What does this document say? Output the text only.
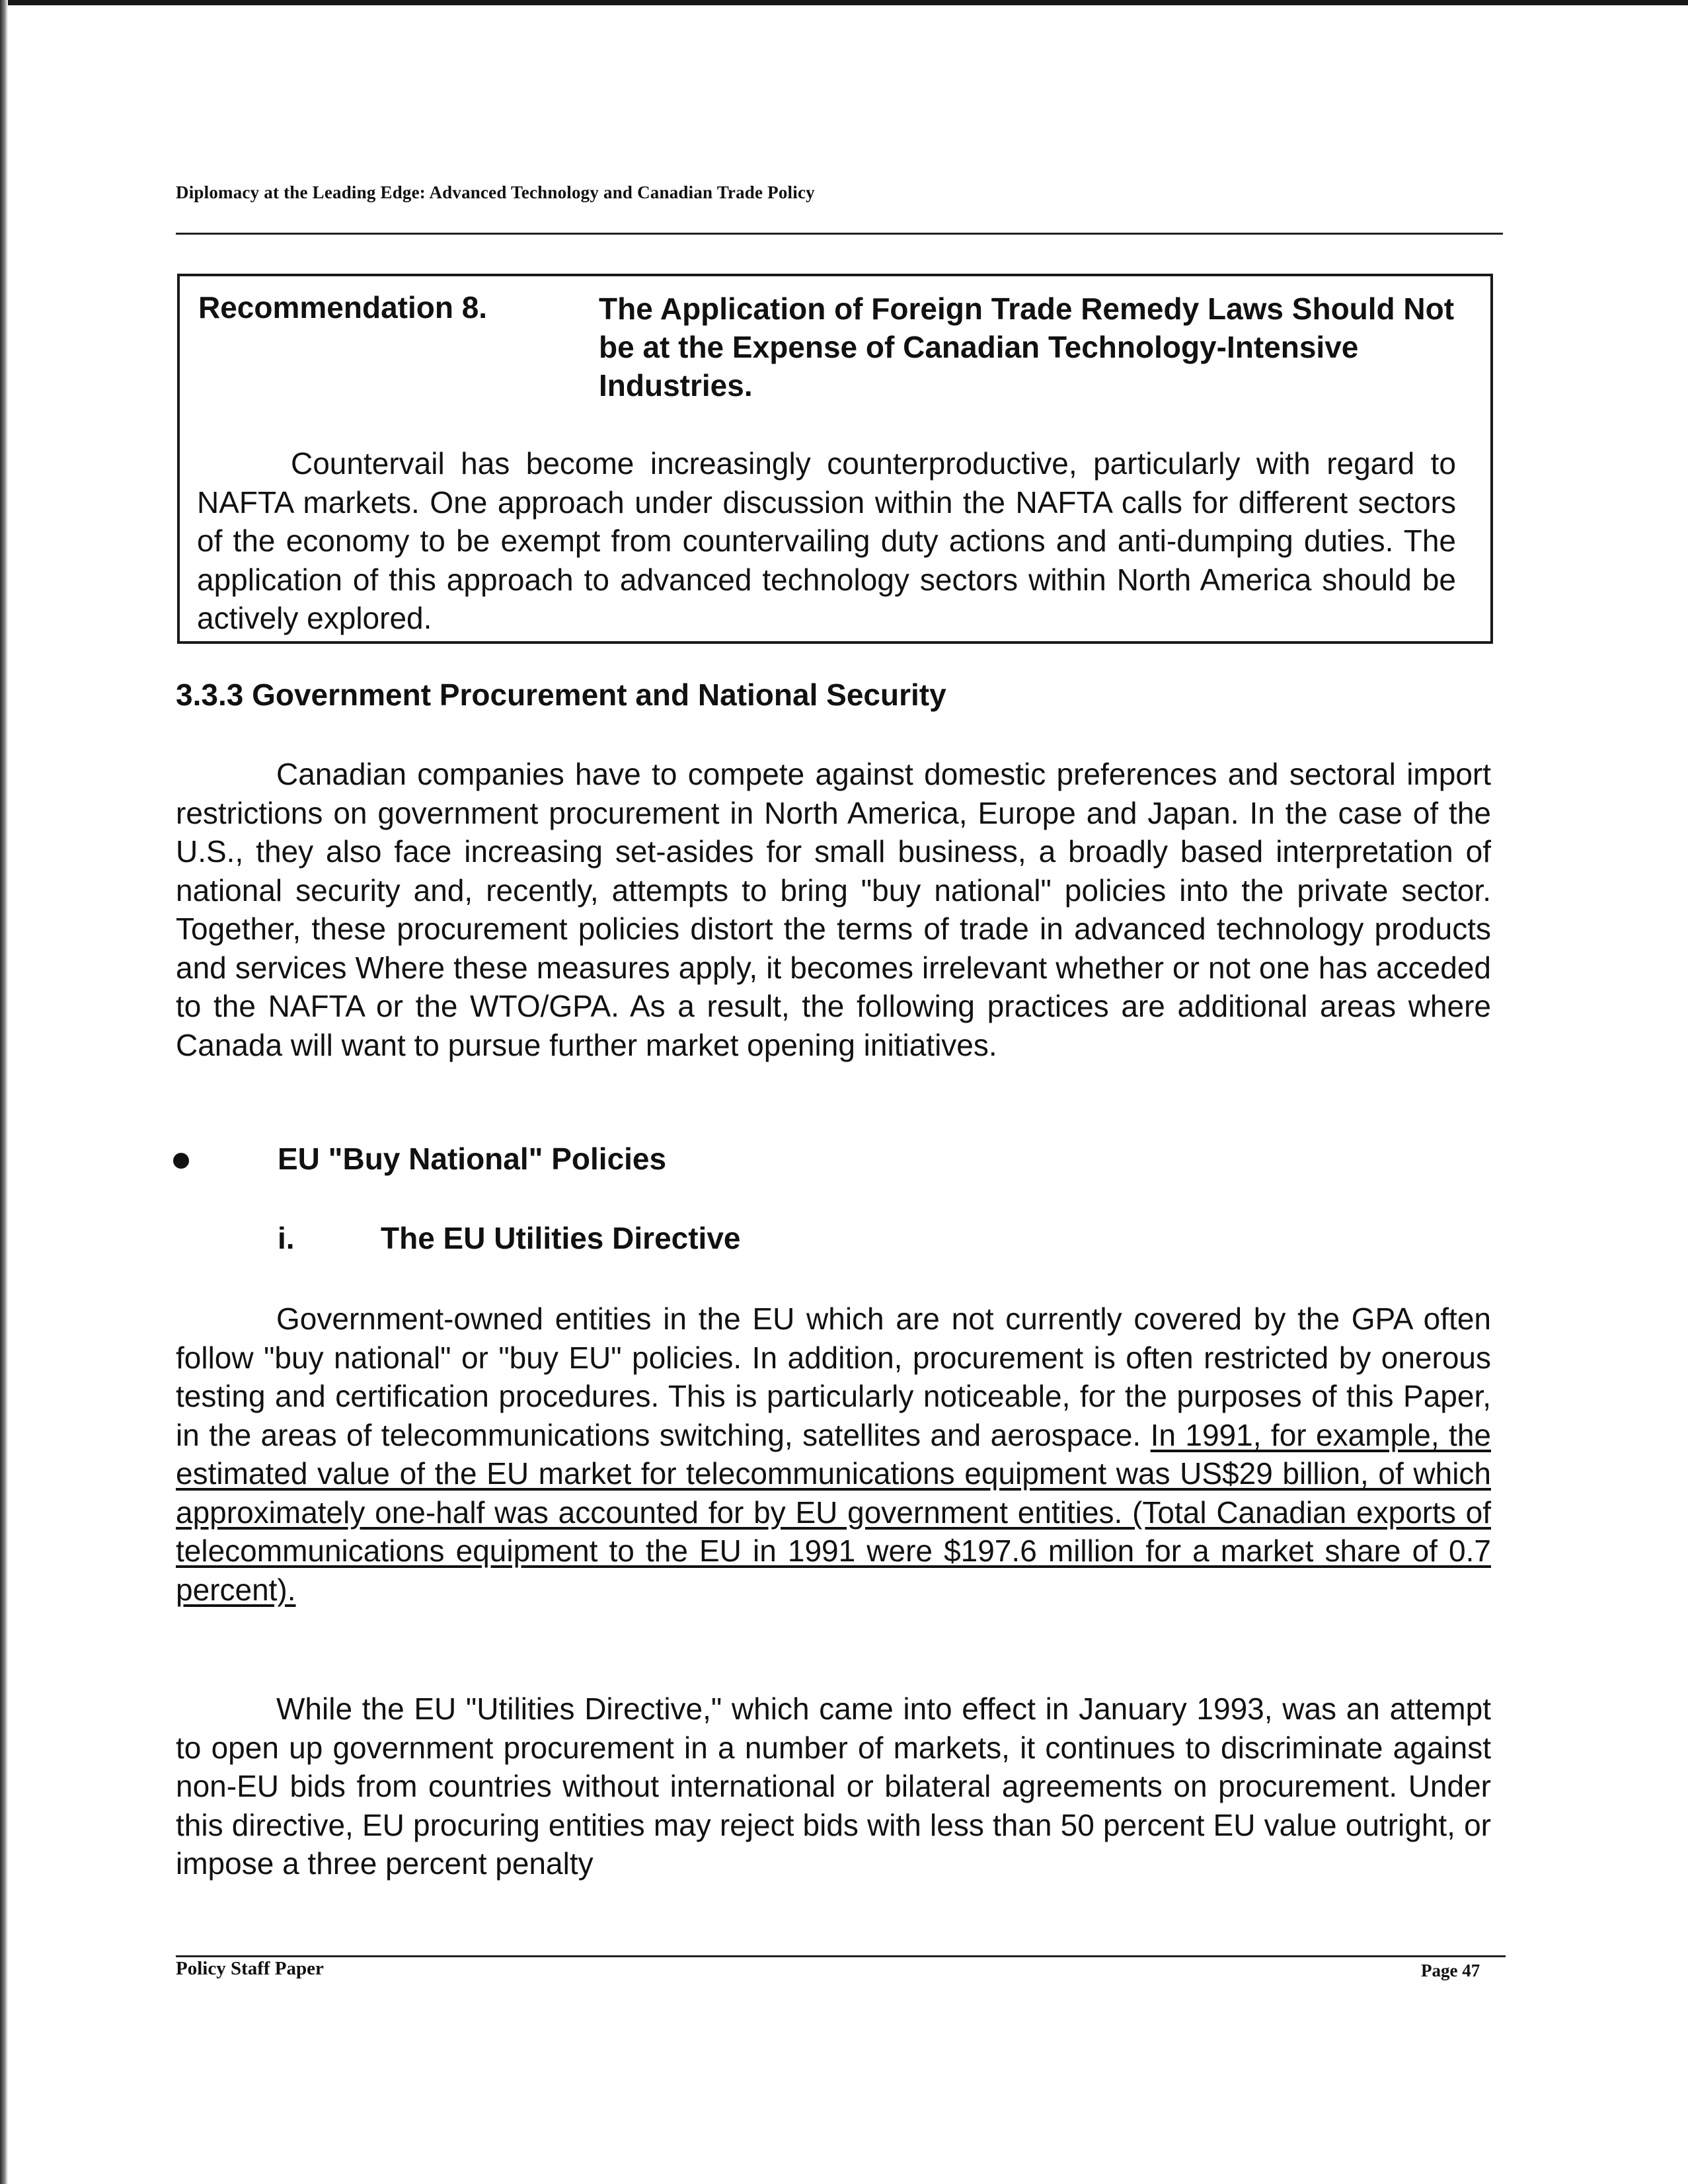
Diplomacy at the Leading Edge: Advanced Technology and Canadian Trade Policy
Recommendation 8.	The Application of Foreign Trade Remedy Laws Should Not be at the Expense of Canadian Technology-Intensive Industries.

Countervail has become increasingly counterproductive, particularly with regard to NAFTA markets. One approach under discussion within the NAFTA calls for different sectors of the economy to be exempt from countervailing duty actions and anti-dumping duties. The application of this approach to advanced technology sectors within North America should be actively explored.

3.3.3 Government Procurement and National Security

Canadian companies have to compete against domestic preferences and sectoral import restrictions on government procurement in North America, Europe and Japan. In the case of the U.S., they also face increasing set-asides for small business, a broadly based interpretation of national security and, recently, attempts to bring "buy national" policies into the private sector. Together, these procurement policies distort the terms of trade in advanced technology products and services Where these measures apply, it becomes irrelevant whether or not one has acceded to the NAFTA or the WTO/GPA. As a result, the following practices are additional areas where Canada will want to pursue further market opening initiatives.

EU "Buy National" Policies
i.	The EU Utilities Directive

Government-owned entities in the EU which are not currently covered by the GPA often follow "buy national" or "buy EU" policies. In addition, procurement is often restricted by onerous testing and certification procedures. This is particularly noticeable, for the purposes of this Paper, in the areas of telecommunications switching, satellites and aerospace. In 1991, for example, the estimated value of the EU market for telecommunications equipment was US$29 billion, of which approximately one-half was accounted for by EU government entities. (Total Canadian exports of telecommunications equipment to the EU in 1991 were $197.6 million for a market share of 0.7 percent).

While the EU "Utilities Directive," which came into effect in January 1993, was an attempt to open up government procurement in a number of markets, it continues to discriminate against non-EU bids from countries without international or bilateral agreements on procurement. Under this directive, EU procuring entities may reject bids with less than 50 percent EU value outright, or impose a three percent penalty

Policy Staff Paper	Page 47
